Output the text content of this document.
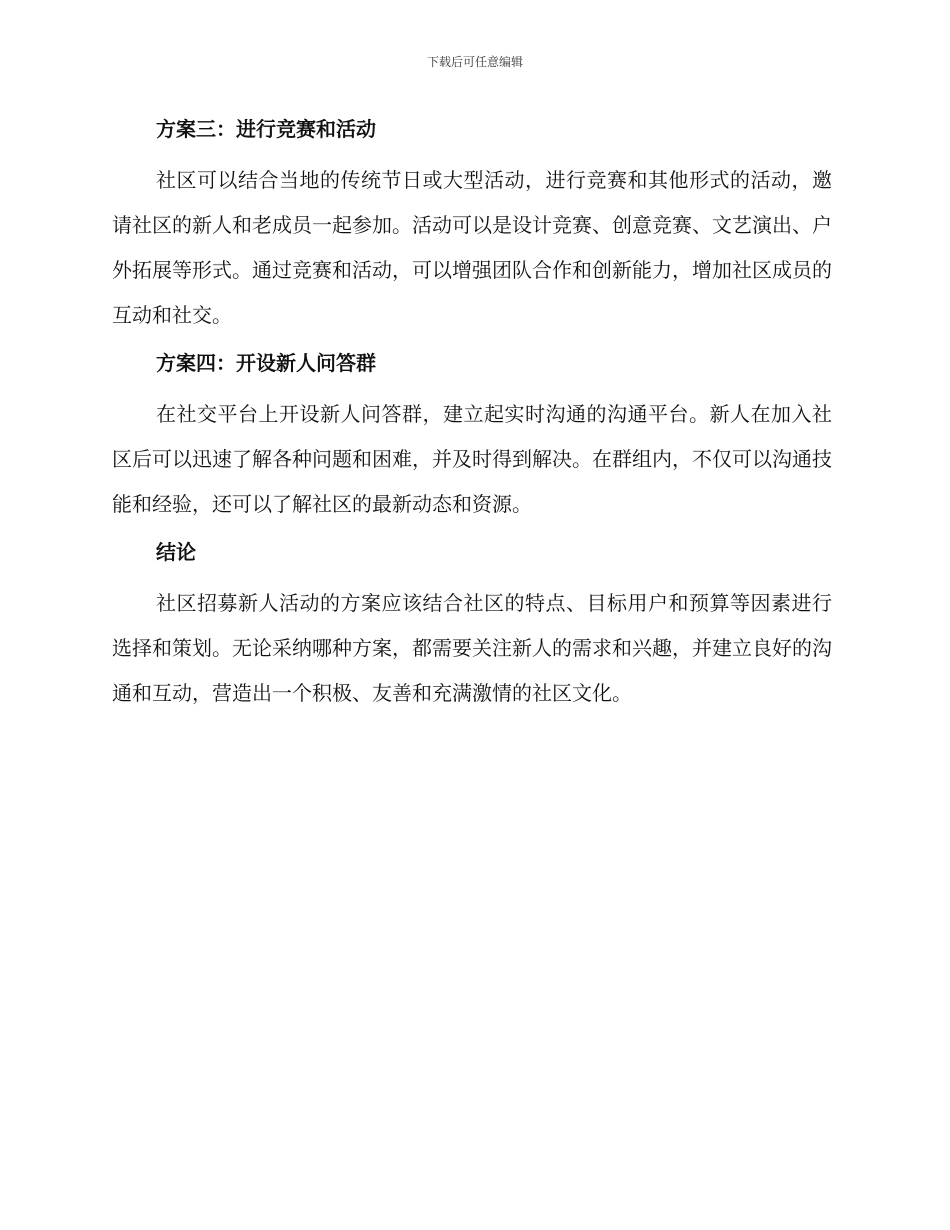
下载后可任意编辑
方案三：进行竞赛和活动

社区可以结合当地的传统节日或大型活动，进行竞赛和其他形式的活动，邀请社区的新人和老成员一起参加。活动可以是设计竞赛、创意竞赛、文艺演出、户外拓展等形式。通过竞赛和活动，可以增强团队合作和创新能力，增加社区成员的互动和社交。

方案四：开设新人问答群

在社交平台上开设新人问答群，建立起实时沟通的沟通平台。新人在加入社区后可以迅速了解各种问题和困难，并及时得到解决。在群组内，不仅可以沟通技能和经验，还可以了解社区的最新动态和资源。

结论

社区招募新人活动的方案应该结合社区的特点、目标用户和预算等因素进行选择和策划。无论采纳哪种方案，都需要关注新人的需求和兴趣，并建立良好的沟通和互动，营造出一个积极、友善和充满激情的社区文化。
